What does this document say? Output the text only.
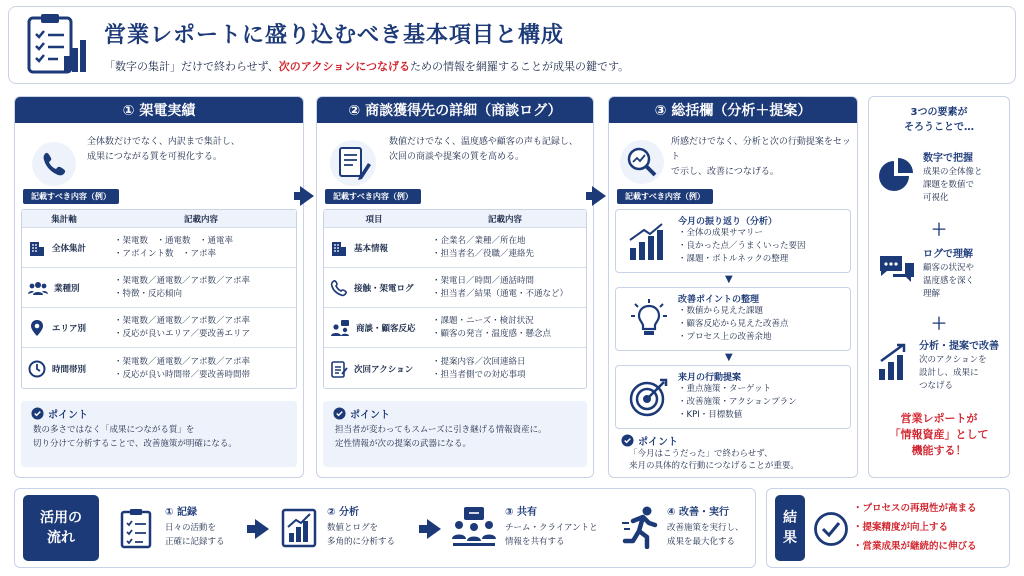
営業レポートに盛り込むべき基本項目と構成
「数字の集計」だけで終わらせず、次のアクションにつなげるための情報を網羅することが成果の鍵です。
① 架電実績
全体数だけでなく、内訳まで集計し、
成果につながる質を可視化する。
記載すべき内容（例）
集計軸	記載内容
全体集計
・架電数　・通電数　・通電率
・アポイント数　・アポ率
業種別
・架電数／通電数／アポ数／アポ率
・特徴・反応傾向
エリア別
・架電数／通電数／アポ数／アポ率
・反応が良いエリア／要改善エリア
時間帯別
・架電数／通電数／アポ数／アポ率
・反応が良い時間帯／要改善時間帯
ポイント
数の多さではなく「成果につながる質」を
切り分けて分析することで、改善施策が明確になる。
② 商談獲得先の詳細（商談ログ）
数値だけでなく、温度感や顧客の声も記録し、
次回の商談や提案の質を高める。
記載すべき内容（例）
項目	記載内容
基本情報
・企業名／業種／所在地
・担当者名／役職／連絡先
接触・架電ログ
・架電日／時間／通話時間
・担当者／結果（通電・不通など）
商談・顧客反応
・課題・ニーズ・検討状況
・顧客の発言・温度感・懸念点
次回アクション
・提案内容／次回連絡日
・担当者側での対応事項
ポイント
担当者が変わってもスムーズに引き継げる情報資産に。
定性情報が次の提案の武器になる。
③ 総括欄（分析＋提案）
所感だけでなく、分析と次の行動提案をセット
で示し、改善につなげる。
記載すべき内容（例）
今月の振り返り（分析）
・全体の成果サマリー
・良かった点／うまくいった要因
・課題・ボトルネックの整理
▼
改善ポイントの整理
・数値から見えた課題
・顧客反応から見えた改善点
・プロセス上の改善余地
▼
来月の行動提案
・重点施策・ターゲット
・改善施策・アクションプラン
・KPI・目標数値
ポイント
「今月はこうだった」で終わらせず、
来月の具体的な行動につなげることが重要。
3つの要素が
そろうことで…
数字で把握
成果の全体像と
課題を数値で
可視化
＋
ログで理解
顧客の状況や
温度感を深く
理解
＋
分析・提案で改善
次のアクションを
設計し、成果に
つなげる
営業レポートが
「情報資産」として
機能する！
活用の
流れ
① 記録
日々の活動を
正確に記録する
② 分析
数値とログを
多角的に分析する
③ 共有
チーム・クライアントと
情報を共有する
④ 改善・実行
改善施策を実行し、
成果を最大化する
結
果
・プロセスの再現性が高まる
・提案精度が向上する
・営業成果が継続的に伸びる
